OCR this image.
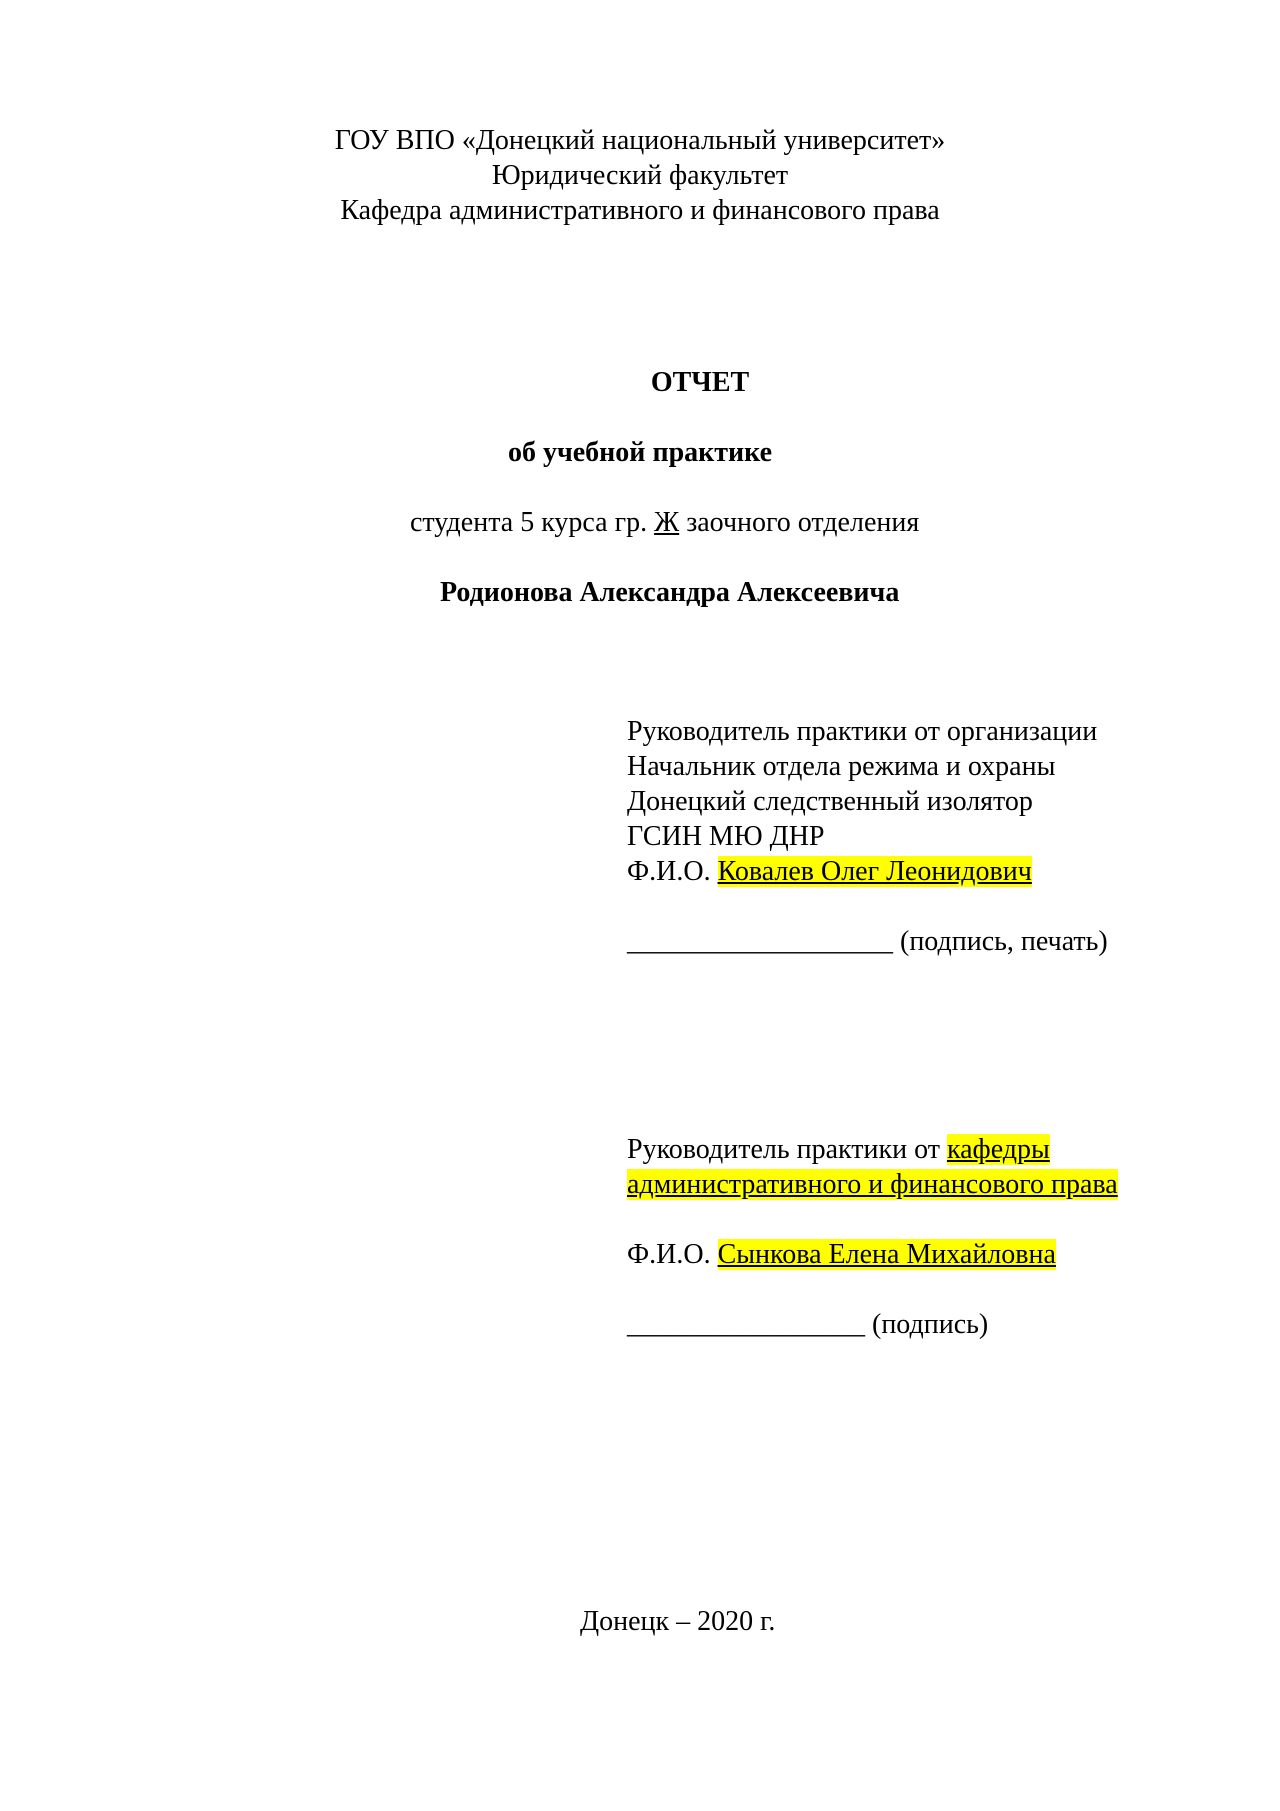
ГОУ ВПО «Донецкий национальный университет»
Юридический факультет
Кафедра административного и финансового права
ОТЧЕТ
об учебной практике
студента 5 курса гр. Ж заочного отделения
Родионова Александра Алексеевича
Руководитель практики от организации
Начальник отдела режима и охраны
Донецкий следственный изолятор
ГСИН МЮ ДНР
Ф.И.О. Ковалев Олег Леонидович
___________________ (подпись, печать)
Руководитель практики от кафедры
административного и финансового права
Ф.И.О. Сынкова Елена Михайловна
_________________ (подпись)
Донецк – 2020 г.
